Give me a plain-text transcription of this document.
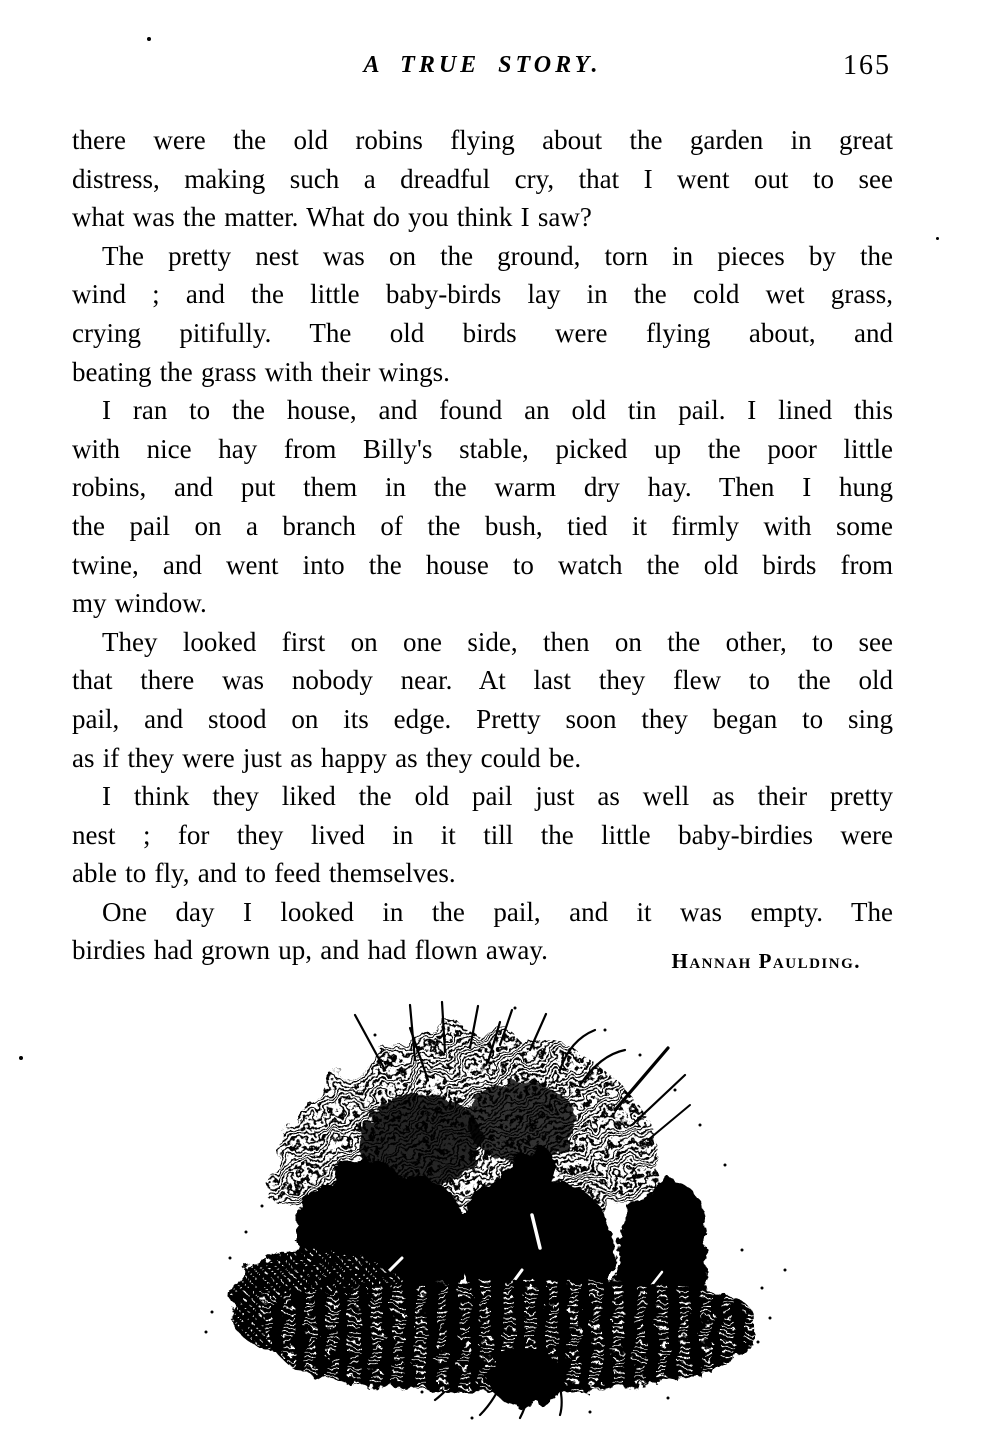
A TRUE STORY.	165
there were the old robins flying about the garden in great
distress, making such a dreadful cry, that I went out to see
what was the matter. What do you think I saw?
The pretty nest was on the ground, torn in pieces by the
wind ; and the little baby-birds lay in the cold wet grass,
crying pitifully. The old birds were flying about, and
beating the grass with their wings.
I ran to the house, and found an old tin pail. I lined this
with nice hay from Billy's stable, picked up the poor little
robins, and put them in the warm dry hay. Then I hung
the pail on a branch of the bush, tied it firmly with some
twine, and went into the house to watch the old birds from
my window.
They looked first on one side, then on the other, to see
that there was nobody near. At last they flew to the old
pail, and stood on its edge. Pretty soon they began to sing
as if they were just as happy as they could be.
I think they liked the old pail just as well as their pretty
nest ; for they lived in it till the little baby-birdies were
able to fly, and to feed themselves.
One day I looked in the pail, and it was empty. The
birdies had grown up, and had flown away.	Hannah Paulding.
